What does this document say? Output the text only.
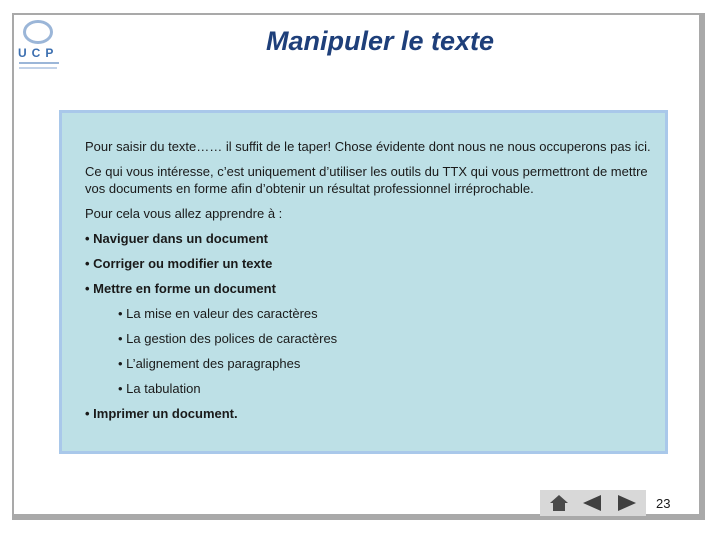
UCP	Manipuler le texte

Pour saisir du texte…… il suffit de le taper! Chose évidente dont nous ne nous occuperons pas ici.

Ce qui vous intéresse, c’est uniquement d’utiliser les outils du TTX qui vous permettront de mettre vos documents en forme afin d’obtenir un résultat professionnel irréprochable.

Pour cela vous allez apprendre à :

• Naviguer dans un document
• Corriger ou modifier un texte
• Mettre en forme un document
• La mise en valeur des caractères
• La gestion des polices de caractères
• L’alignement des paragraphes
• La tabulation
• Imprimer un document.
23
